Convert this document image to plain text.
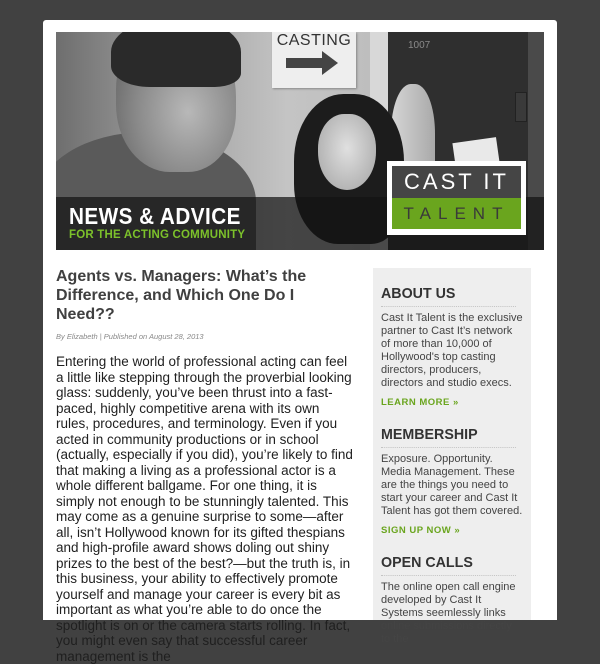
1007
CASTING
NEWS & ADVICE
FOR THE ACTING COMMUNITY
CAST IT
TALENT
Agents vs. Managers: What’s the Difference, and Which One Do I Need??
By Elizabeth | Published on August 28, 2013
Entering the world of professional acting can feel a little like stepping through the proverbial looking glass: suddenly, you’ve been thrust into a fast-paced, highly competitive arena with its own rules, procedures, and terminology. Even if you acted in community productions or in school (actually, especially if you did), you’re likely to find that making a living as a professional actor is a whole different ballgame. For one thing, it is simply not enough to be stunningly talented. This may come as a genuine surprise to some—after all, isn’t Hollywood known for its gifted thespians and high-profile award shows doling out shiny prizes to the best of the best?—but the truth is, in this business, your ability to effectively promote yourself and manage your career is every bit as important as what you’re able to do once the spotlight is on or the camera starts rolling. In fact, you might even say that successful career management is the
ABOUT US
Cast It Talent is the exclusive partner to Cast It’s network of more than 10,000 of Hollywood's top casting directors, producers, directors and studio execs.
LEARN MORE »
MEMBERSHIP
Exposure. Opportunity. Media Management. These are the things you need to start your career and Cast It Talent has got them covered.
SIGN UP NOW »
OPEN CALLS
The online open call engine developed by Cast It Systems seemlessly links online submissions directly to the
